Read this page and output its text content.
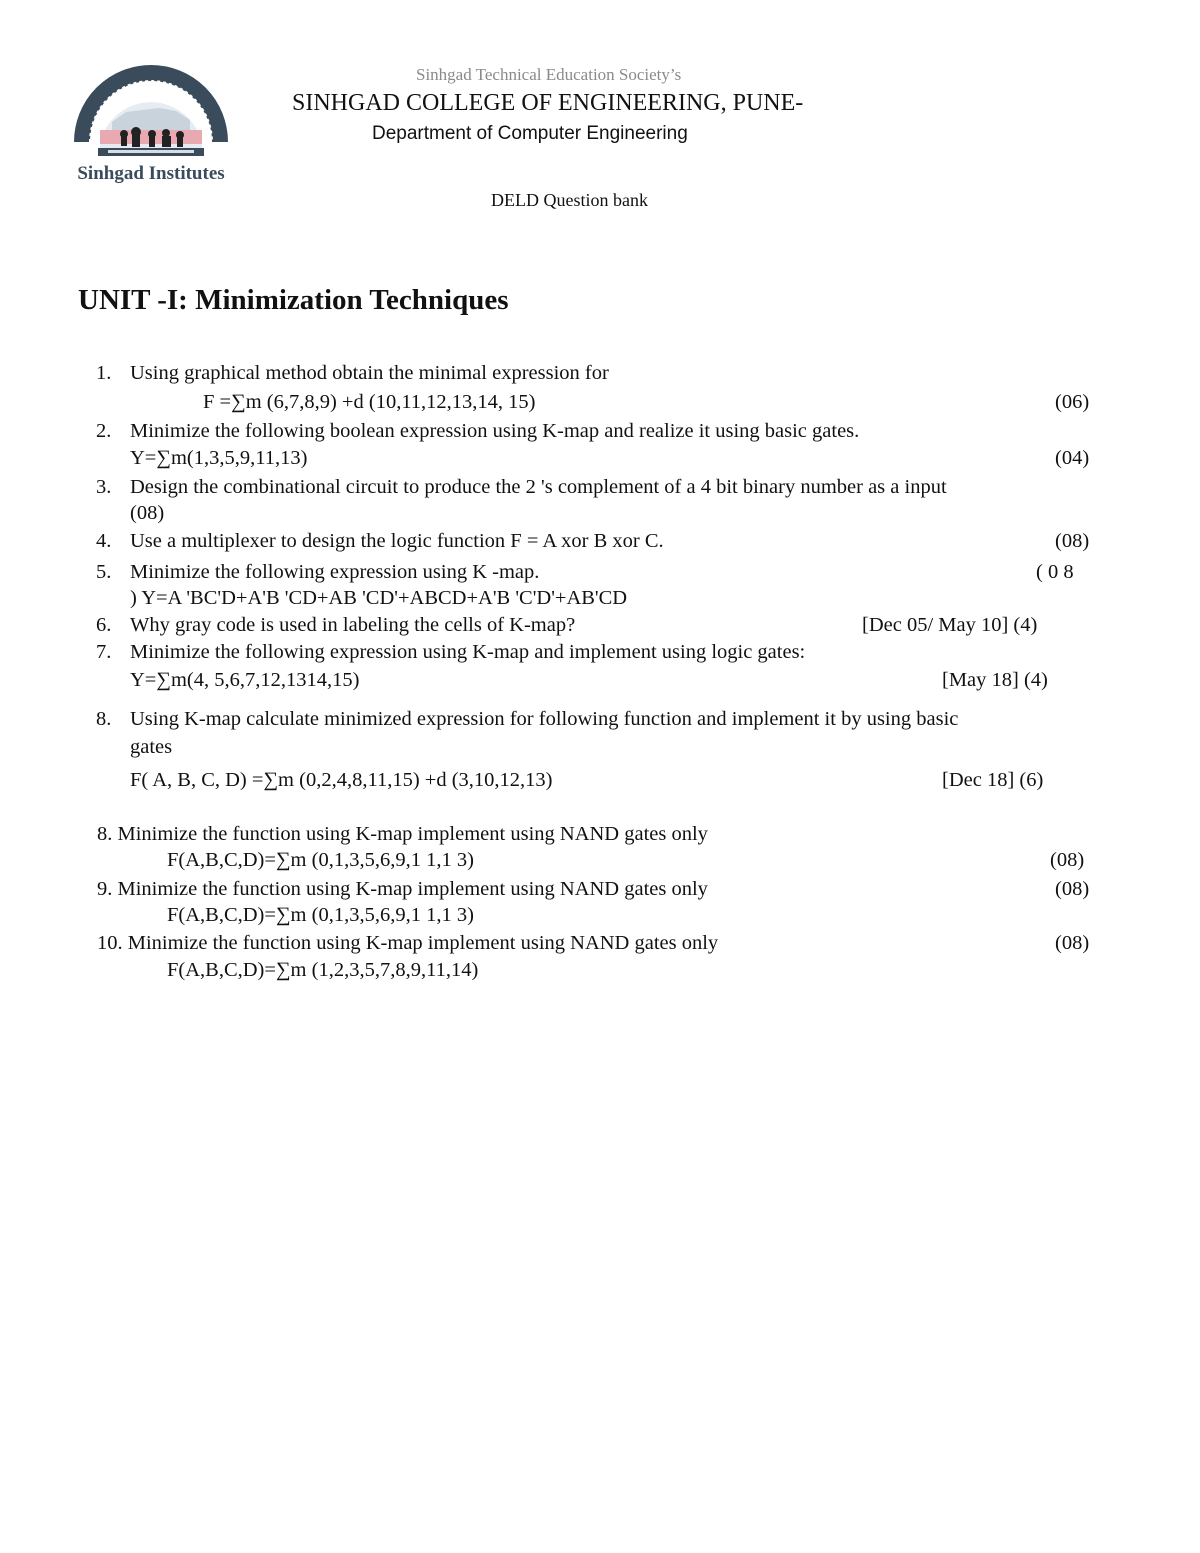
Sinhgad Institutes
Sinhgad Technical Education Society’s
SINHGAD COLLEGE OF ENGINEERING, PUNE-
Department of Computer Engineering
DELD Question bank
UNIT -I: Minimization Techniques
1. Using graphical method obtain the minimal expression for
F =∑m (6,7,8,9) +d (10,11,12,13,14, 15)	(06)
2. Minimize the following boolean expression using K-map and realize it using basic gates.
Y=∑m(1,3,5,9,11,13)	(04)
3. Design the combinational circuit to produce the 2 's complement of a 4 bit binary number as a input
(08)
4. Use a multiplexer to design the logic function F = A xor B xor C.	(08)
5. Minimize the following expression using K -map.	( 0 8
) Y=A 'BC'D+A'B 'CD+AB 'CD'+ABCD+A'B 'C'D'+AB'CD
6. Why gray code is used in labeling the cells of K-map?	[Dec 05/ May 10] (4)
7. Minimize the following expression using K-map and implement using logic gates:
Y=∑m(4, 5,6,7,12,1314,15)	[May 18] (4)
8. Using K-map calculate minimized expression for following function and implement it by using basic
gates
F( A, B, C, D) =∑m (0,2,4,8,11,15) +d (3,10,12,13)	[Dec 18] (6)
8. Minimize the function using K-map implement using NAND gates only
F(A,B,C,D)=∑m (0,1,3,5,6,9,1 1,1 3)	(08)
9. Minimize the function using K-map implement using NAND gates only	(08)
F(A,B,C,D)=∑m (0,1,3,5,6,9,1 1,1 3)
10. Minimize the function using K-map implement using NAND gates only	(08)
F(A,B,C,D)=∑m (1,2,3,5,7,8,9,11,14)
